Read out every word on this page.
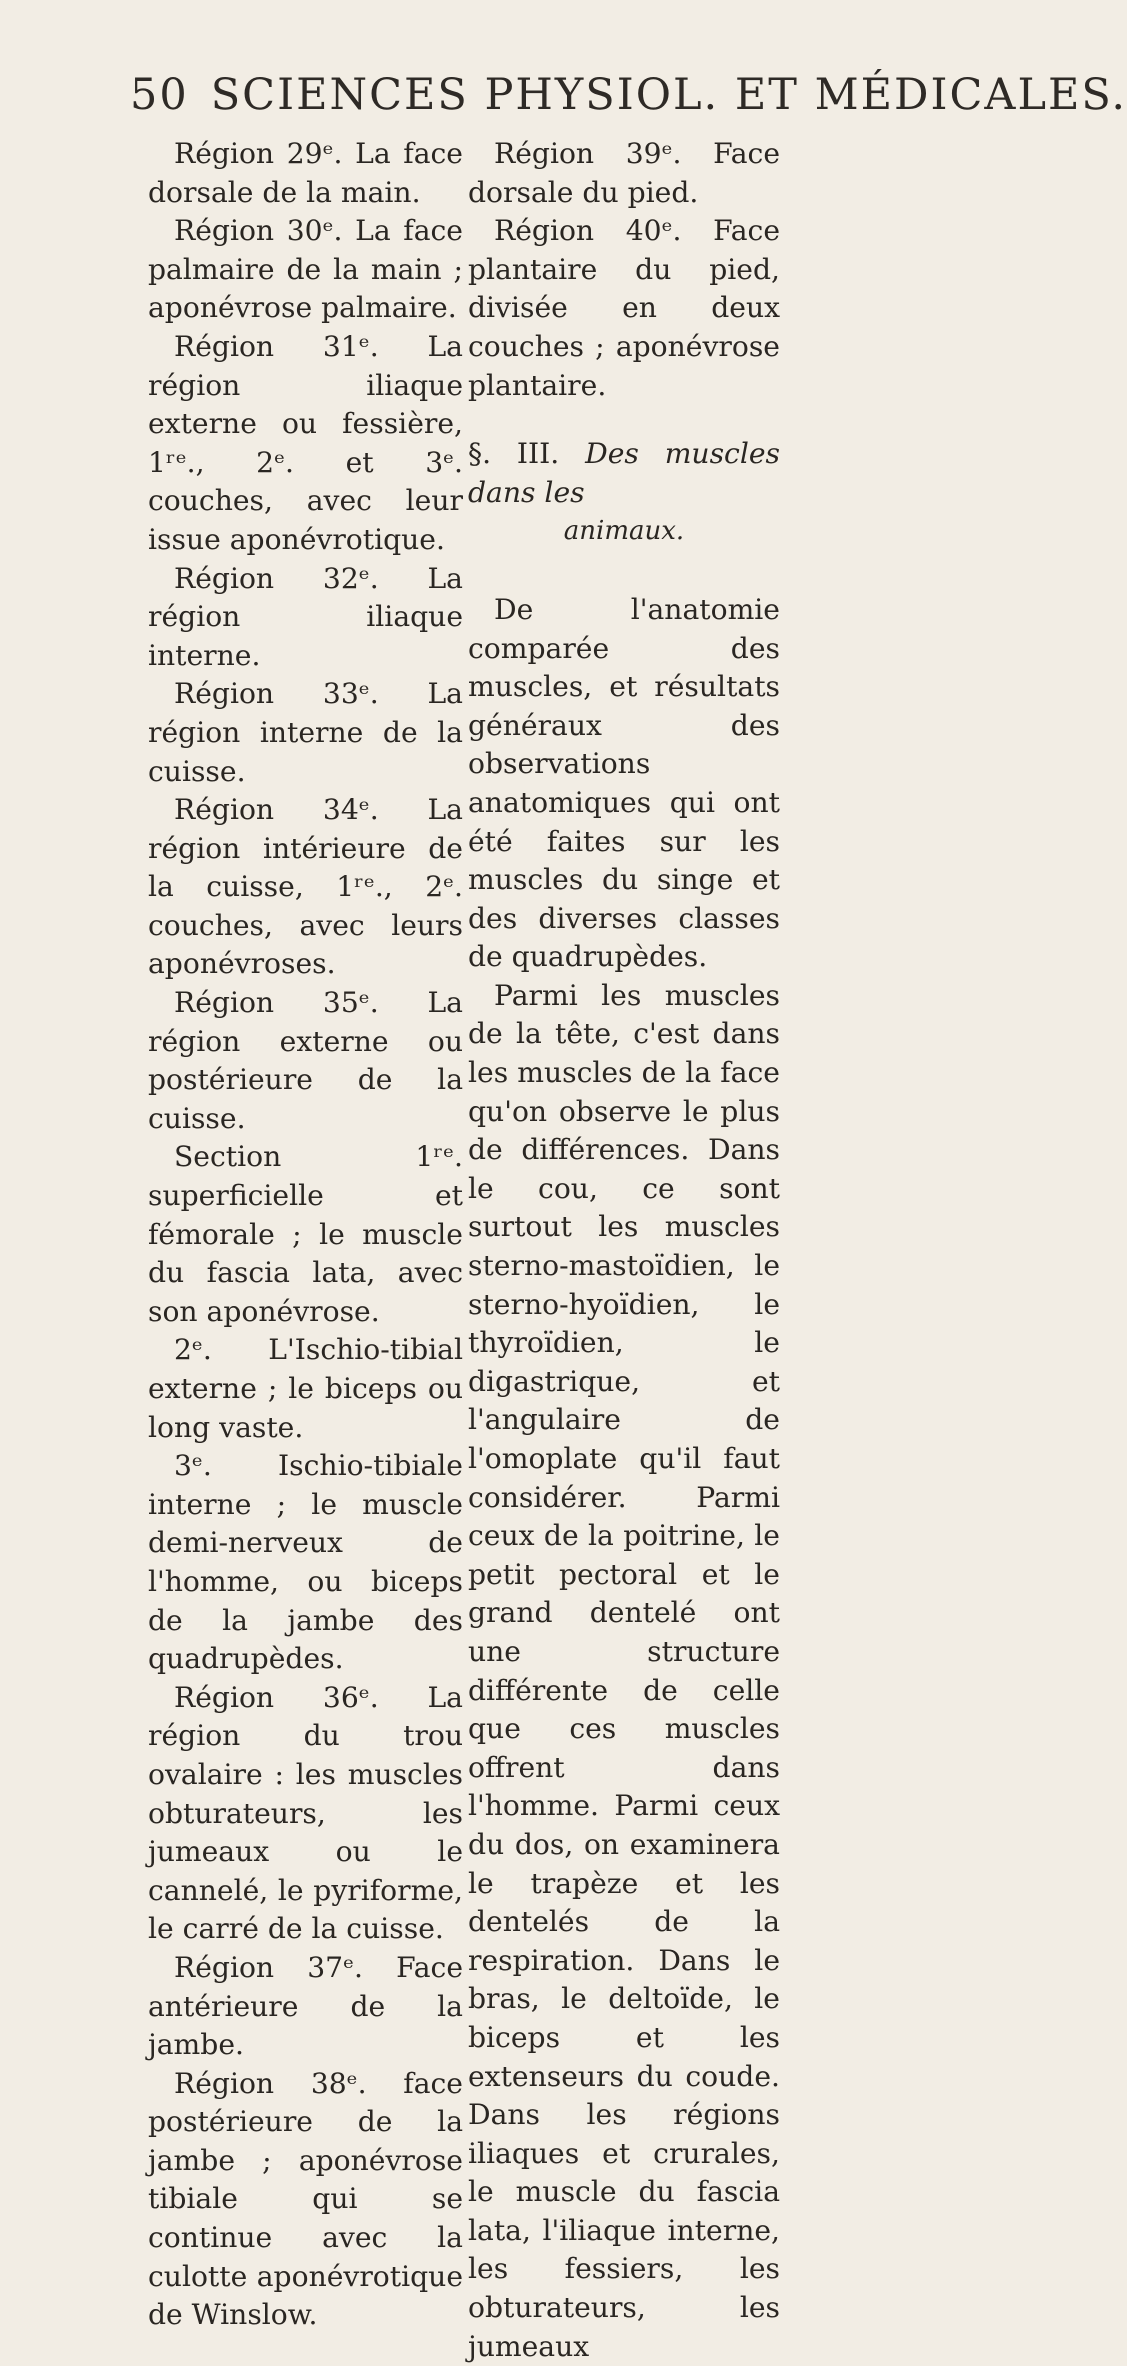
50 SCIENCES PHYSIOL. ET MÉDICALES.

Région 29ᵉ. La face dorsale de la main.

Région 30ᵉ. La face palmaire de la main ; aponévrose palmaire.

Région 31ᵉ. La région iliaque externe ou fessière, 1ʳᵉ., 2ᵉ. et 3ᵉ. couches, avec leur issue aponévrotique.

Région 32ᵉ. La région iliaque interne.

Région 33ᵉ. La région interne de la cuisse.

Région 34ᵉ. La région intérieure de la cuisse, 1ʳᵉ., 2ᵉ. couches, avec leurs aponévroses.

Région 35ᵉ. La région externe ou postérieure de la cuisse.

Section 1ʳᵉ. superficielle et fémorale ; le muscle du fascia lata, avec son aponévrose.

2ᵉ. L'Ischio-tibial externe ; le biceps ou long vaste.

3ᵉ. Ischio-tibiale interne ; le muscle demi-nerveux de l'homme, ou biceps de la jambe des quadrupèdes.

Région 36ᵉ. La région du trou ovalaire : les muscles obturateurs, les jumeaux ou le cannelé, le pyriforme, le carré de la cuisse.

Région 37ᵉ. Face antérieure de la jambe.

Région 38ᵉ. face postérieure de la jambe ; aponévrose tibiale qui se continue avec la culotte aponévrotique de Winslow.

Région 39ᵉ. Face dorsale du pied.

Région 40ᵉ. Face plantaire du pied, divisée en deux couches ; aponévrose plantaire.

§. III. Des muscles dans les

animaux.

De l'anatomie comparée des muscles, et résultats généraux des observations anatomiques qui ont été faites sur les muscles du singe et des diverses classes de quadrupèdes.

Parmi les muscles de la tête, c'est dans les muscles de la face qu'on observe le plus de différences. Dans le cou, ce sont surtout les muscles sterno-mastoïdien, le sterno-hyoïdien, le thyroïdien, le digastrique, et l'angulaire de l'omoplate qu'il faut considérer. Parmi ceux de la poitrine, le petit pectoral et le grand dentelé ont une structure différente de celle que ces muscles offrent dans l'homme. Parmi ceux du dos, on examinera le trapèze et les dentelés de la respiration. Dans le bras, le deltoïde, le biceps et les extenseurs du coude. Dans les régions iliaques et crurales, le muscle du fascia lata, l'iliaque interne, les fessiers, les obturateurs, les jumeaux
